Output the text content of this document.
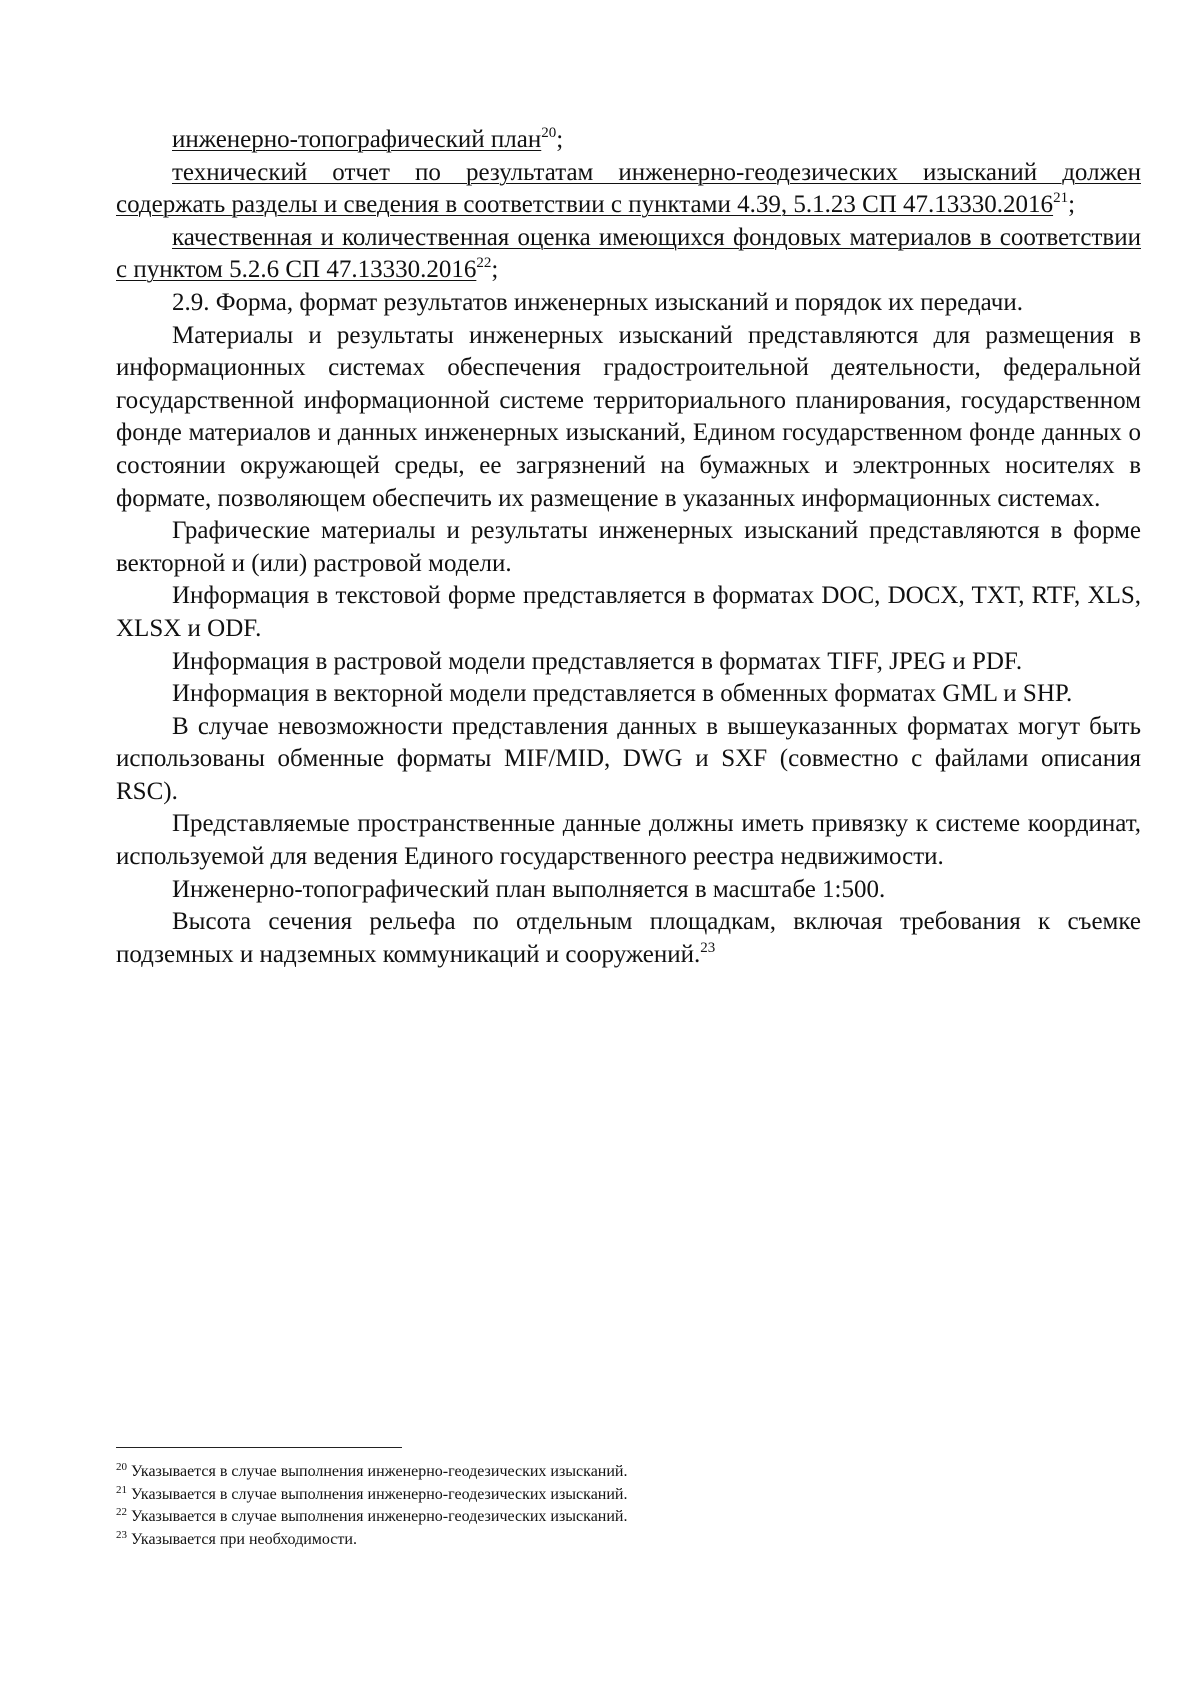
инженерно-топографический план$^{20}$;

технический отчет по результатам инженерно-геодезических изысканий должен содержать разделы и сведения в соответствии с пунктами 4.39, 5.1.23 СП 47.13330.2016$^{21}$;

качественная и количественная оценка имеющихся фондовых материалов в соответствии с пунктом 5.2.6 СП 47.13330.2016$^{22}$;

2.9. Форма, формат результатов инженерных изысканий и порядок их передачи.

Материалы и результаты инженерных изысканий представляются для размещения в информационных системах обеспечения градостроительной деятельности, федеральной государственной информационной системе территориального планирования, государственном фонде материалов и данных инженерных изысканий, Едином государственном фонде данных о состоянии окружающей среды, ее загрязнений на бумажных и электронных носителях в формате, позволяющем обеспечить их размещение в указанных информационных системах.

Графические материалы и результаты инженерных изысканий представляются в форме векторной и (или) растровой модели.

Информация в текстовой форме представляется в форматах DOC, DOCX, TXT, RTF, XLS, XLSX и ODF.

Информация в растровой модели представляется в форматах TIFF, JPEG и PDF.

Информация в векторной модели представляется в обменных форматах GML и SHP.

В случае невозможности представления данных в вышеуказанных форматах могут быть использованы обменные форматы MIF/MID, DWG и SXF (совместно с файлами описания RSC).

Представляемые пространственные данные должны иметь привязку к системе координат, используемой для ведения Единого государственного реестра недвижимости.

Инженерно-топографический план выполняется в масштабе 1:500.

Высота сечения рельефа по отдельным площадкам, включая требования к съемке подземных и надземных коммуникаций и сооружений.$^{23}$

$^{20}$ Указывается в случае выполнения инженерно-геодезических изысканий.

$^{21}$ Указывается в случае выполнения инженерно-геодезических изысканий.

$^{22}$ Указывается в случае выполнения инженерно-геодезических изысканий.

$^{23}$ Указывается при необходимости.
